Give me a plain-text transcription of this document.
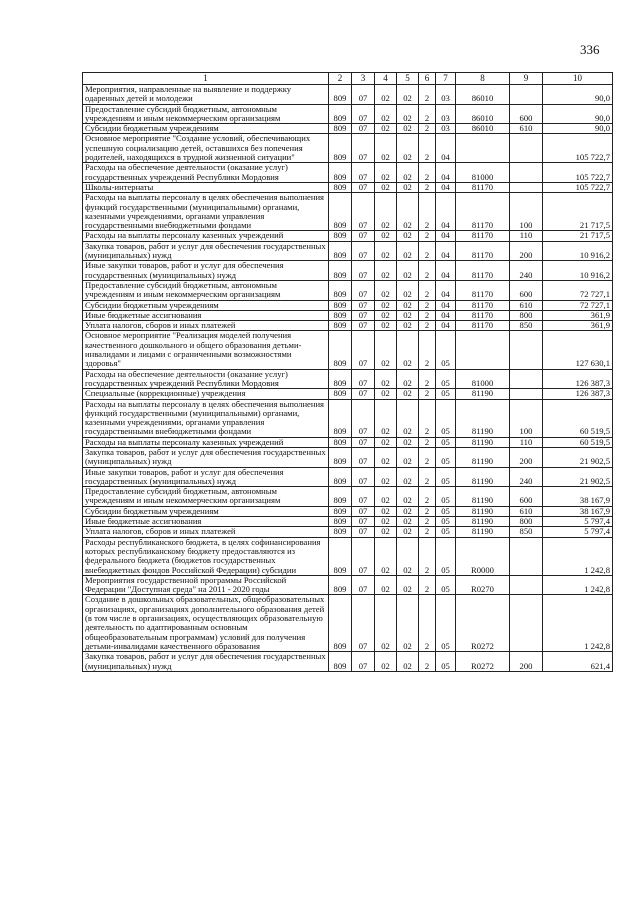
336
1	2	3	4	5	6	7	8	9	10
Мероприятия, направленные на выявление и поддержку одаренных детей и молодежи	809	07	02	02	2	03	86010		90,0
Предоставление субсидий бюджетным, автономным учреждениям и иным некоммерческим организациям	809	07	02	02	2	03	86010	600	90,0
Субсидии бюджетным учреждениям	809	07	02	02	2	03	86010	610	90,0
Основное мероприятие "Создание условий, обеспечивающих успешную социализацию детей, оставшихся без попечения родителей, находящихся в трудной жизненной ситуации"	809	07	02	02	2	04			105 722,7
Расходы на обеспечение деятельности (оказание услуг) государственных учреждений Республики Мордовия	809	07	02	02	2	04	81000		105 722,7
Школы-интернаты	809	07	02	02	2	04	81170		105 722,7
Расходы на выплаты персоналу в целях обеспечения выполнения функций государственными (муниципальными) органами, казенными учреждениями, органами управления государственными внебюджетными фондами	809	07	02	02	2	04	81170	100	21 717,5
Расходы на выплаты персоналу казенных учреждений	809	07	02	02	2	04	81170	110	21 717,5
Закупка товаров, работ и услуг для обеспечения государственных (муниципальных) нужд	809	07	02	02	2	04	81170	200	10 916,2
Иные закупки товаров, работ и услуг для обеспечения государственных (муниципальных) нужд	809	07	02	02	2	04	81170	240	10 916,2
Предоставление субсидий бюджетным, автономным учреждениям и иным некоммерческим организациям	809	07	02	02	2	04	81170	600	72 727,1
Субсидии бюджетным учреждениям	809	07	02	02	2	04	81170	610	72 727,1
Иные бюджетные ассигнования	809	07	02	02	2	04	81170	800	361,9
Уплата налогов, сборов и иных платежей	809	07	02	02	2	04	81170	850	361,9
Основное мероприятие "Реализация моделей получения качественного дошкольного и общего образования детьми-инвалидами и лицами с ограниченными возможностями здоровья"	809	07	02	02	2	05			127 630,1
Расходы на обеспечение деятельности (оказание услуг) государственных учреждений Республики Мордовия	809	07	02	02	2	05	81000		126 387,3
Специальные (коррекционные) учреждения	809	07	02	02	2	05	81190		126 387,3
Расходы на выплаты персоналу в целях обеспечения выполнения функций государственными (муниципальными) органами, казенными учреждениями, органами управления государственными внебюджетными фондами	809	07	02	02	2	05	81190	100	60 519,5
Расходы на выплаты персоналу казенных учреждений	809	07	02	02	2	05	81190	110	60 519,5
Закупка товаров, работ и услуг для обеспечения государственных (муниципальных) нужд	809	07	02	02	2	05	81190	200	21 902,5
Иные закупки товаров, работ и услуг для обеспечения государственных (муниципальных) нужд	809	07	02	02	2	05	81190	240	21 902,5
Предоставление субсидий бюджетным, автономным учреждениям и иным некоммерческим организациям	809	07	02	02	2	05	81190	600	38 167,9
Субсидии бюджетным учреждениям	809	07	02	02	2	05	81190	610	38 167,9
Иные бюджетные ассигнования	809	07	02	02	2	05	81190	800	5 797,4
Уплата налогов, сборов и иных платежей	809	07	02	02	2	05	81190	850	5 797,4
Расходы республиканского бюджета, в целях софинансирования которых республиканскому бюджету предоставляются из федерального бюджета (бюджетов государственных внебюджетных фондов Российской Федерации) субсидии	809	07	02	02	2	05	R0000		1 242,8
Мероприятия государственной программы Российской Федерации "Доступная среда" на 2011 - 2020 годы	809	07	02	02	2	05	R0270		1 242,8
Создание в дошкольных образовательных, общеобразовательных организациях, организациях дополнительного образования детей (в том числе в организациях, осуществляющих образовательную деятельность по адаптированным основным общеобразовательным программам) условий для получения детьми-инвалидами качественного образования	809	07	02	02	2	05	R0272		1 242,8
Закупка товаров, работ и услуг для обеспечения государственных (муниципальных) нужд	809	07	02	02	2	05	R0272	200	621,4
